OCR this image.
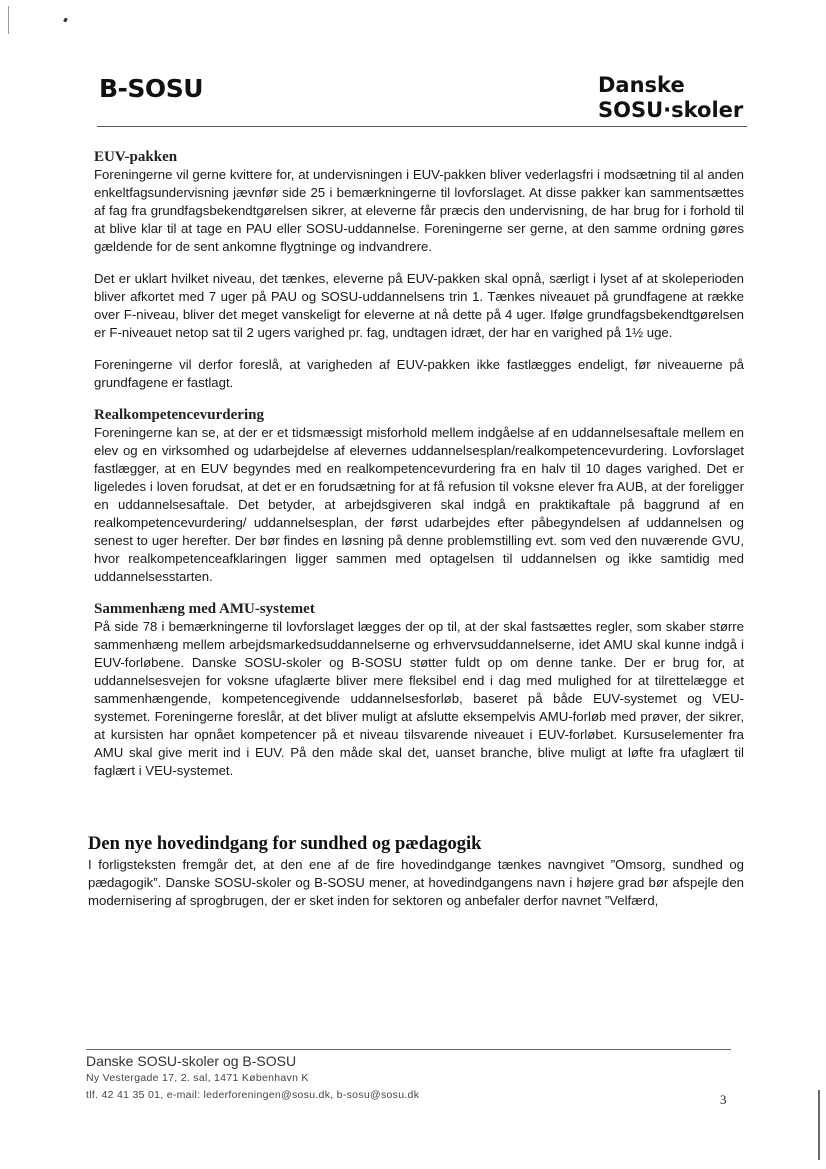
B-SOSU	Danske
SOSU·skoler
EUV-pakken

Foreningerne vil gerne kvittere for, at undervisningen i EUV-pakken bliver vederlagsfri i modsætning til al anden enkeltfagsundervisning jævnfør side 25 i bemærkningerne til lovforslaget. At disse pakker kan sammentsættes af fag fra grundfagsbekendtgørelsen sikrer, at eleverne får præcis den undervisning, de har brug for i forhold til at blive klar til at tage en PAU eller SOSU-uddannelse. Foreningerne ser gerne, at den samme ordning gøres gældende for de sent ankomne flygtninge og indvandrere.

Det er uklart hvilket niveau, det tænkes, eleverne på EUV-pakken skal opnå, særligt i lyset af at skoleperioden bliver afkortet med 7 uger på PAU og SOSU-uddannelsens trin 1. Tænkes niveauet på grundfagene at række over F-niveau, bliver det meget vanskeligt for eleverne at nå dette på 4 uger. Ifølge grundfagsbekendtgørelsen er F-niveauet netop sat til 2 ugers varighed pr. fag, undtagen idræt, der har en varighed på 1½ uge.

Foreningerne vil derfor foreslå, at varigheden af EUV-pakken ikke fastlægges endeligt, før niveauerne på grundfagene er fastlagt.

Realkompetencevurdering

Foreningerne kan se, at der er et tidsmæssigt misforhold mellem indgåelse af en uddannelsesaftale mellem en elev og en virksomhed og udarbejdelse af elevernes uddannelsesplan/realkompetencevurdering. Lovforslaget fastlægger, at en EUV begyndes med en realkompetencevurdering fra en halv til 10 dages varighed. Det er ligeledes i loven forudsat, at det er en forudsætning for at få refusion til voksne elever fra AUB, at der foreligger en uddannelsesaftale. Det betyder, at arbejdsgiveren skal indgå en praktikaftale på baggrund af en realkompetencevurdering/ uddannelsesplan, der først udarbejdes efter påbegyndelsen af uddannelsen og senest to uger herefter. Der bør findes en løsning på denne problemstilling evt. som ved den nuværende GVU, hvor realkompetenceafklaringen ligger sammen med optagelsen til uddannelsen og ikke samtidig med uddannelsesstarten.

Sammenhæng med AMU-systemet

På side 78 i bemærkningerne til lovforslaget lægges der op til, at der skal fastsættes regler, som skaber større sammenhæng mellem arbejdsmarkedsuddannelserne og erhvervsuddannelserne, idet AMU skal kunne indgå i EUV-forløbene. Danske SOSU-skoler og B-SOSU støtter fuldt op om denne tanke. Der er brug for, at uddannelsesvejen for voksne ufaglærte bliver mere fleksibel end i dag med mulighed for at tilrettelægge et sammenhængende, kompetencegivende uddannelsesforløb, baseret på både EUV-systemet og VEU-systemet. Foreningerne foreslår, at det bliver muligt at afslutte eksempelvis AMU-forløb med prøver, der sikrer, at kursisten har opnået kompetencer på et niveau tilsvarende niveauet i EUV-forløbet. Kursuselementer fra AMU skal give merit ind i EUV. På den måde skal det, uanset branche, blive muligt at løfte fra ufaglært til faglært i VEU-systemet.

Den nye hovedindgang for sundhed og pædagogik

I forligsteksten fremgår det, at den ene af de fire hovedindgange tænkes navngivet ”Omsorg, sundhed og pædagogik”. Danske SOSU-skoler og B-SOSU mener, at hovedindgangens navn i højere grad bør afspejle den modernisering af sprogbrugen, der er sket inden for sektoren og anbefaler derfor navnet ”Velfærd,

Danske SOSU-skoler og B-SOSU
Ny Vestergade 17, 2. sal, 1471 København K
tlf. 42 41 35 01, e-mail: lederforeningen@sosu.dk, b-sosu@sosu.dk	3
